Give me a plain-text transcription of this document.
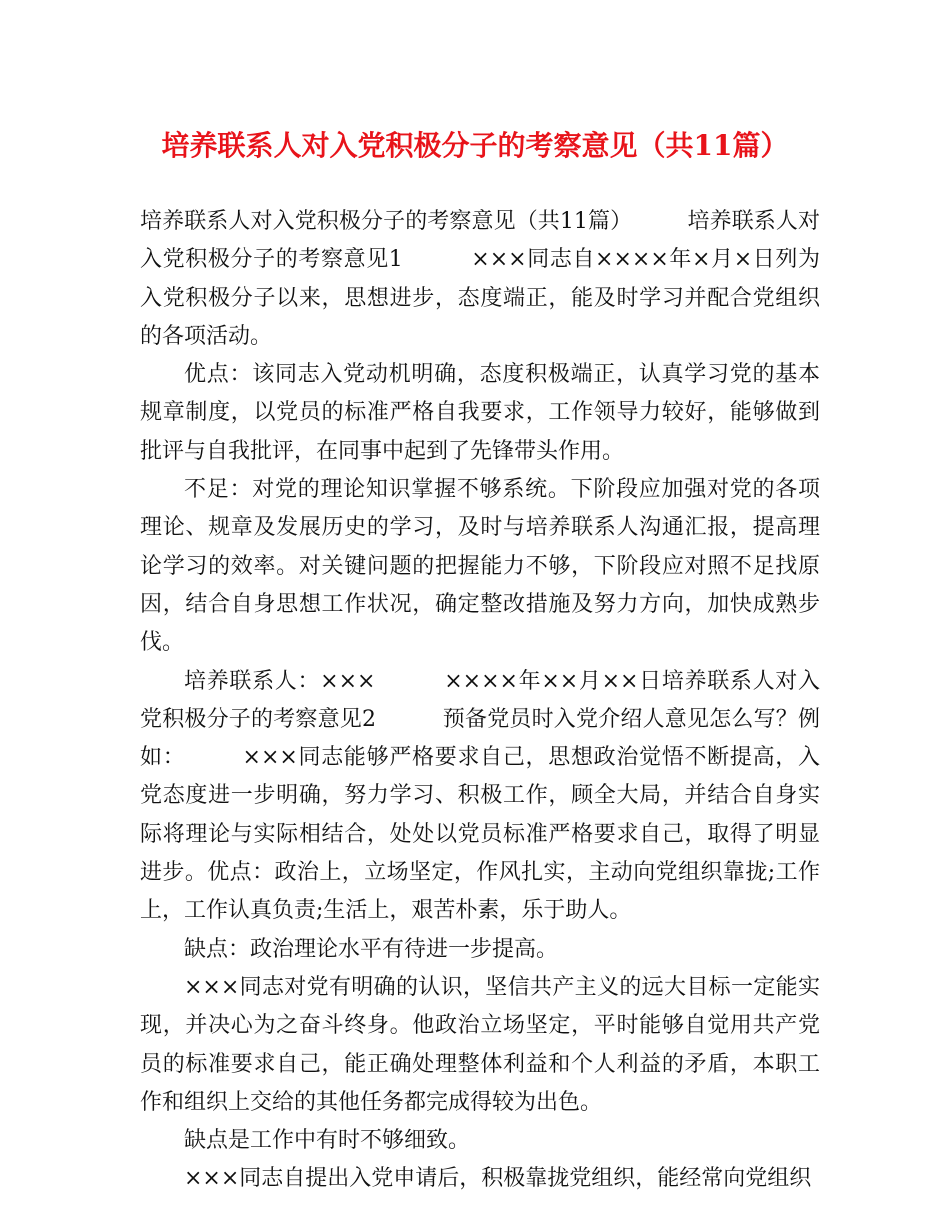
培养联系人对入党积极分子的考察意见（共11篇）

培养联系人对入党积极分子的考察意见（共11篇）　　　培养联系人对入党积极分子的考察意见1　　　×××同志自××××年×月×日列为入党积极分子以来，思想进步，态度端正，能及时学习并配合党组织的各项活动。

优点：该同志入党动机明确，态度积极端正，认真学习党的基本规章制度，以党员的标准严格自我要求，工作领导力较好，能够做到批评与自我批评，在同事中起到了先锋带头作用。

不足：对党的理论知识掌握不够系统。下阶段应加强对党的各项理论、规章及发展历史的学习，及时与培养联系人沟通汇报，提高理论学习的效率。对关键问题的把握能力不够，下阶段应对照不足找原因，结合自身思想工作状况，确定整改措施及努力方向，加快成熟步伐。

培养联系人：×××　　　××××年××月××日培养联系人对入党积极分子的考察意见2　　　预备党员时入党介绍人意见怎么写？例如：　　　×××同志能够严格要求自己，思想政治觉悟不断提高，入党态度进一步明确，努力学习、积极工作，顾全大局，并结合自身实际将理论与实际相结合，处处以党员标准严格要求自己，取得了明显进步。优点：政治上，立场坚定，作风扎实，主动向党组织靠拢;工作上，工作认真负责;生活上，艰苦朴素，乐于助人。

缺点：政治理论水平有待进一步提高。

×××同志对党有明确的认识，坚信共产主义的远大目标一定能实现，并决心为之奋斗终身。他政治立场坚定，平时能够自觉用共产党员的标准要求自己，能正确处理整体利益和个人利益的矛盾，本职工作和组织上交给的其他任务都完成得较为出色。

缺点是工作中有时不够细致。

×××同志自提出入党申请后，积极靠拢党组织，能经常向党组织
